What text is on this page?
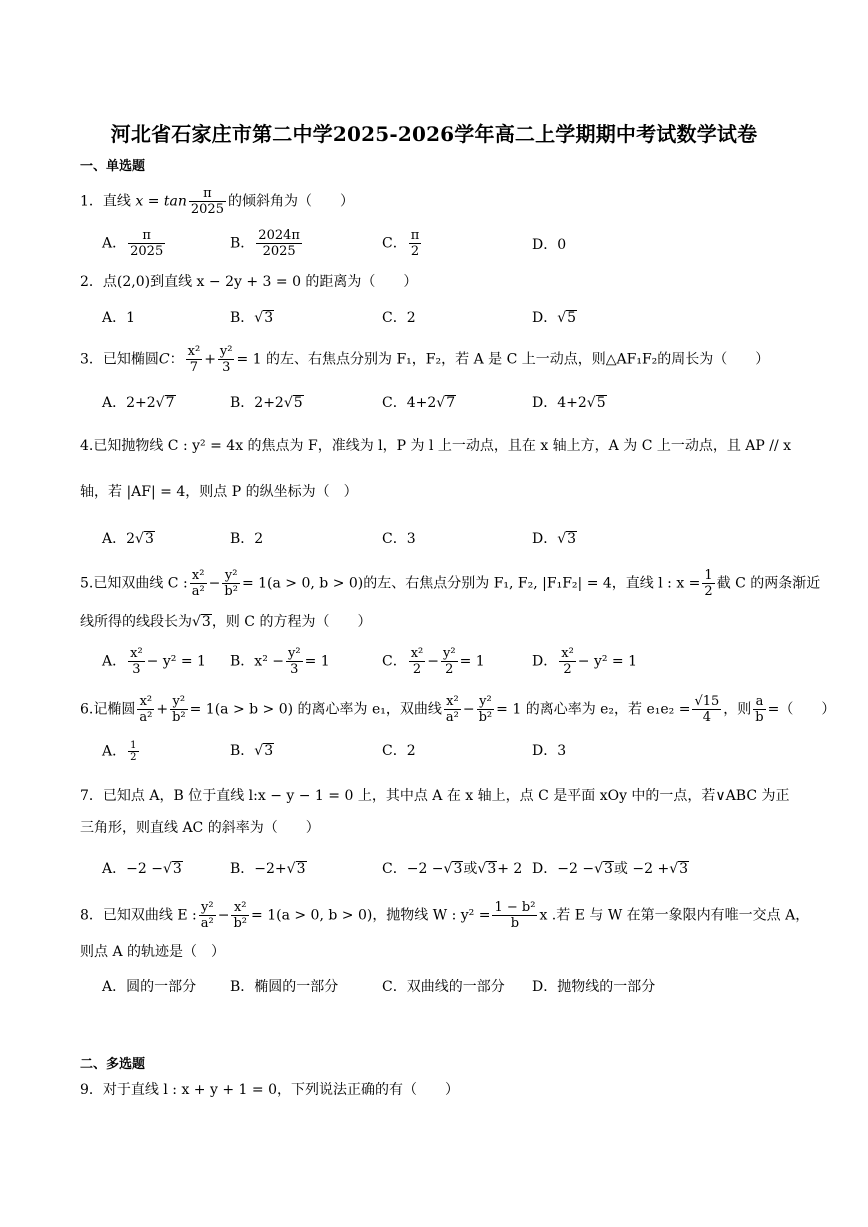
河北省石家庄市第二中学2025-2026学年高二上学期期中考试数学试卷
一、单选题
1．直线 $x = \tan \frac{\pi}{2025}$ 的倾斜角为（　　）
A． $\frac{\pi}{2025}$	B． $\frac{2024\pi}{2025}$	C． $\frac{\pi}{2}$	D．0
2．点(2,0)到直线 x − 2y + 3 = 0 的距离为（　　）
A．1	B．√3	C．2	D．√5
3．已知椭圆C： $\frac{\text{x²}}{7} + \frac{\text{y²}}{3} = 1$ 的左、右焦点分别为 F₁，F₂，若 A 是 C 上一动点，则△AF₁F₂的周长为（　　）
A．2+2√7	B．2+2√5	C．4+2√7	D．4+2√5
4.已知抛物线 C : y² = 4x 的焦点为 F，准线为 l，P 为 l 上一动点，且在 x 轴上方，A 为 C 上一动点，且 AP // x
轴，若 |AF| = 4，则点 P 的纵坐标为（　）
A．2√3	B．2	C．3	D．√3
5.已知双曲线 C : $\frac{\text{x²}}{\text{a²}} - \frac{\text{y²}}{\text{b²}} = 1(a > 0$, b > 0)的左、右焦点分别为 F₁, F₂, |F₁F₂| = 4，直线 l : $x = \frac{1}{2}$ 截 C 的两条渐近
线所得的线段长为√3，则 C 的方程为（　　）
A． $\frac{\text{x²}}{3} - y^2 = 1$ B．$x^2 - \frac{\text{y²}}{3} = 1$	C． $\frac{\text{x²}}{2} - \frac{\text{y²}}{2} = 1$	D． $\frac{\text{x²}}{2} - y^2 = 1$
6.记椭圆 $\frac{\text{x²}}{\text{a²}} + \frac{\text{y²}}{\text{b²}} = 1(a > b > 0)$ 的离心率为 e₁，双曲线 $\frac{\text{x²}}{\text{a²}} - \frac{\text{y²}}{\text{b²}} = 1$ 的离心率为 e₂，若 $e_1e_2 = \frac{√15}{4}$ ，则 $\frac{a}{b}$ =（　　）
A． $\frac{1}{2}$	B．√3	C．2	D．3
7．已知点 A，B 位于直线 l:x − y − 1 = 0 上，其中点 A 在 x 轴上，点 C 是平面 xOy 中的一点，若∨ABC 为正
三角形，则直线 AC 的斜率为（　　）
A．−2 −√3	B．−2+√3	C．−2 −√3或√3+ 2 D．−2 −√3或 −2 +√3
8．已知双曲线 E : $\frac{\text{y²}}{\text{a²}} - \frac{\text{x²}}{\text{b²}} = 1(a > 0$, b > 0)，抛物线 W : $y^2 = \frac{\text{1 − b²}}{b}$ x .若 E 与 W 在第一象限内有唯一交点 A，
则点 A 的轨迹是（　）
A．圆的一部分 B．椭圆的一部分	C．双曲线的一部分 D．抛物线的一部分
二、多选题
9．对于直线 l : x + y + 1 = 0，下列说法正确的有（　　）
